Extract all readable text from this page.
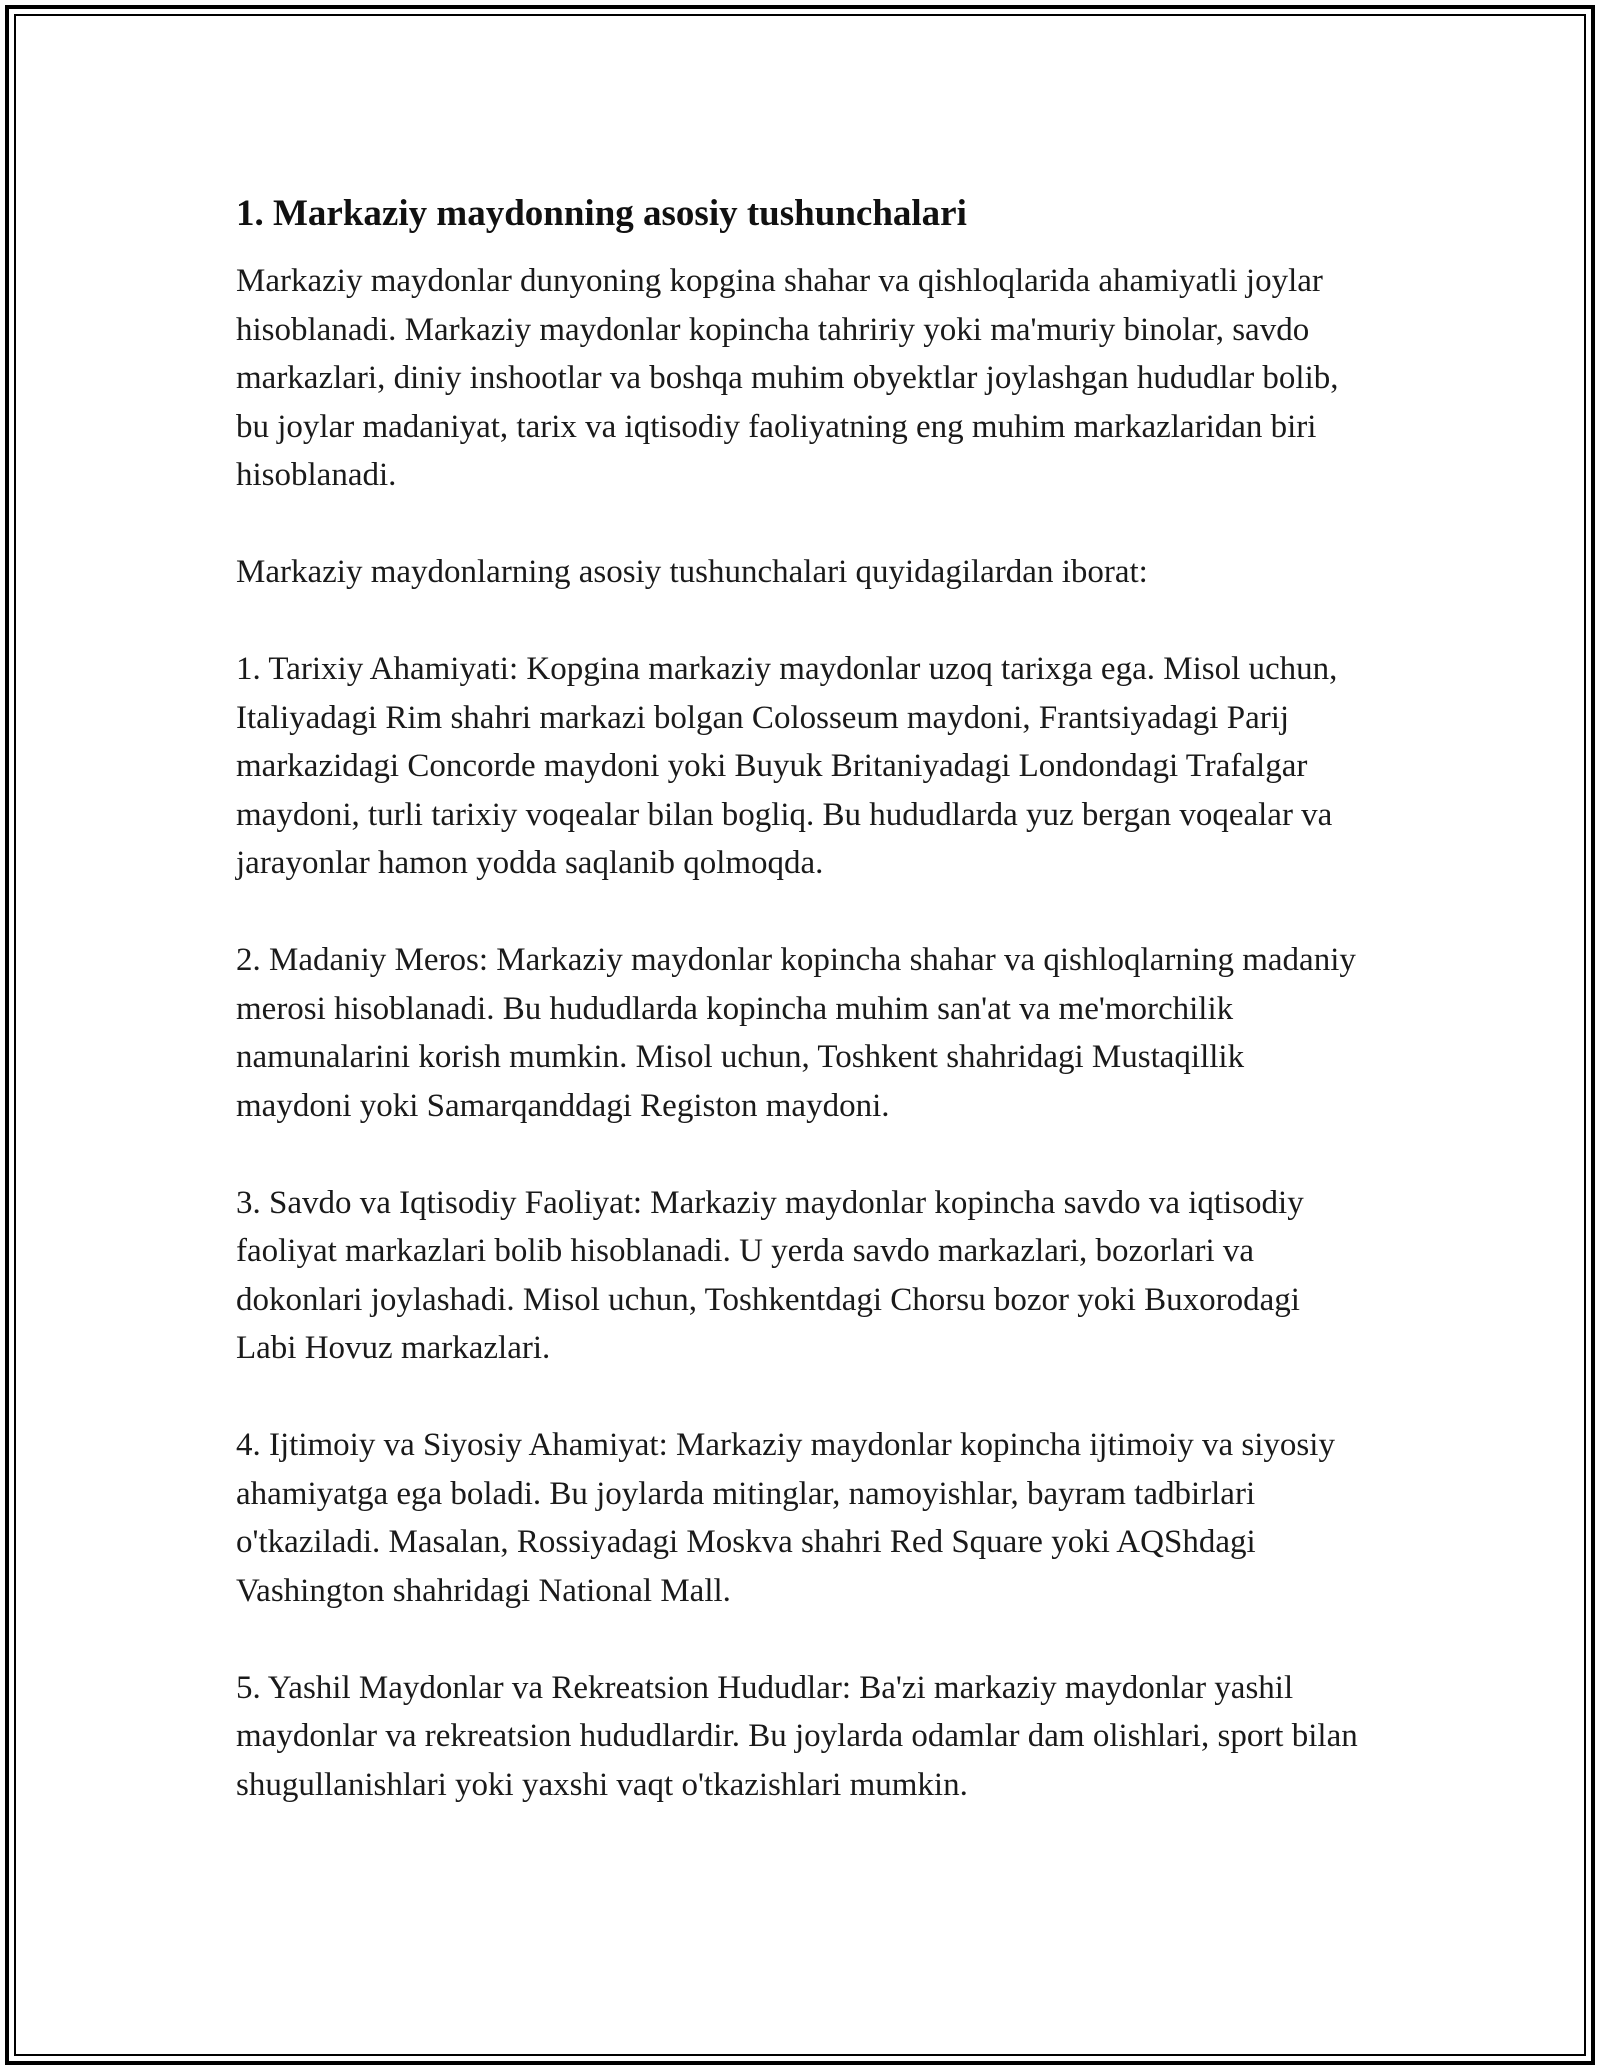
1. Markaziy maydonning asosiy tushunchalari

Markaziy maydonlar dunyoning kopgina shahar va qishloqlarida ahamiyatli joylar hisoblanadi. Markaziy maydonlar kopincha tahririy yoki ma'muriy binolar, savdo markazlari, diniy inshootlar va boshqa muhim obyektlar joylashgan hududlar bolib, bu joylar madaniyat, tarix va iqtisodiy faoliyatning eng muhim markazlaridan biri hisoblanadi.

Markaziy maydonlarning asosiy tushunchalari quyidagilardan iborat:

1. Tarixiy Ahamiyati: Kopgina markaziy maydonlar uzoq tarixga ega. Misol uchun, Italiyadagi Rim shahri markazi bolgan Colosseum maydoni, Frantsiyadagi Parij markazidagi Concorde maydoni yoki Buyuk Britaniyadagi Londondagi Trafalgar maydoni, turli tarixiy voqealar bilan bogliq. Bu hududlarda yuz bergan voqealar va jarayonlar hamon yodda saqlanib qolmoqda.

2. Madaniy Meros: Markaziy maydonlar kopincha shahar va qishloqlarning madaniy merosi hisoblanadi. Bu hududlarda kopincha muhim san'at va me'morchilik namunalarini korish mumkin. Misol uchun, Toshkent shahridagi Mustaqillik maydoni yoki Samarqanddagi Registon maydoni.

3. Savdo va Iqtisodiy Faoliyat: Markaziy maydonlar kopincha savdo va iqtisodiy faoliyat markazlari bolib hisoblanadi. U yerda savdo markazlari, bozorlari va dokonlari joylashadi. Misol uchun, Toshkentdagi Chorsu bozor yoki Buxorodagi Labi Hovuz markazlari.

4. Ijtimoiy va Siyosiy Ahamiyat: Markaziy maydonlar kopincha ijtimoiy va siyosiy ahamiyatga ega boladi. Bu joylarda mitinglar, namoyishlar, bayram tadbirlari o'tkaziladi. Masalan, Rossiyadagi Moskva shahri Red Square yoki AQShdagi Vashington shahridagi National Mall.

5. Yashil Maydonlar va Rekreatsion Hududlar: Ba'zi markaziy maydonlar yashil maydonlar va rekreatsion hududlardir. Bu joylarda odamlar dam olishlari, sport bilan shugullanishlari yoki yaxshi vaqt o'tkazishlari mumkin.
